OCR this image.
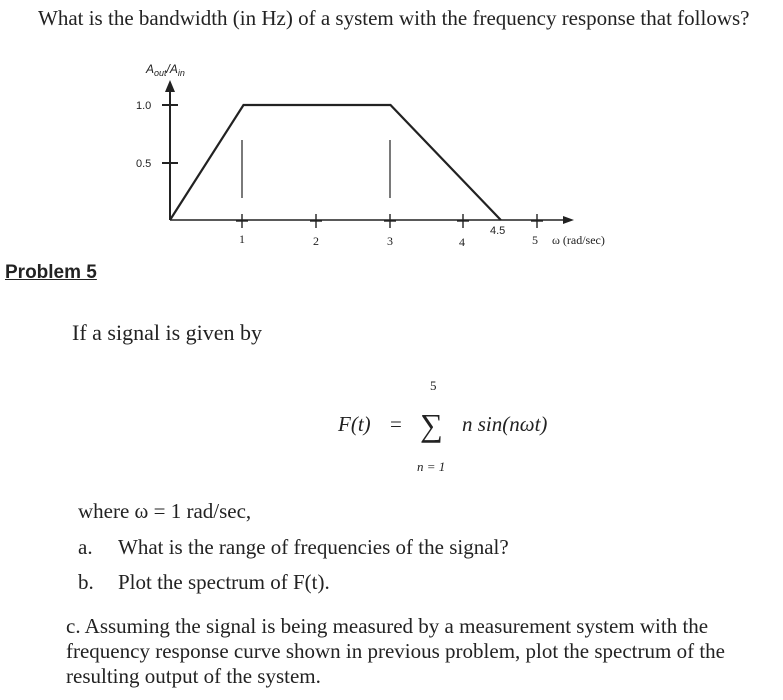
What is the bandwidth (in Hz) of a system with the frequency response that follows?
$A_{out}/A_{in}$
1.0
0.5
1	2	3	4
4.5
5 ω (rad/sec)
Problem 5
If a signal is given by
5
F(t) = ∑ n sin(nωt)
n = 1
where ω = 1 rad/sec,
a. What is the range of frequencies of the signal?
b. Plot the spectrum of F(t).
c. Assuming the signal is being measured by a measurement system with the frequency response curve shown in previous problem, plot the spectrum of the resulting output of the system.
